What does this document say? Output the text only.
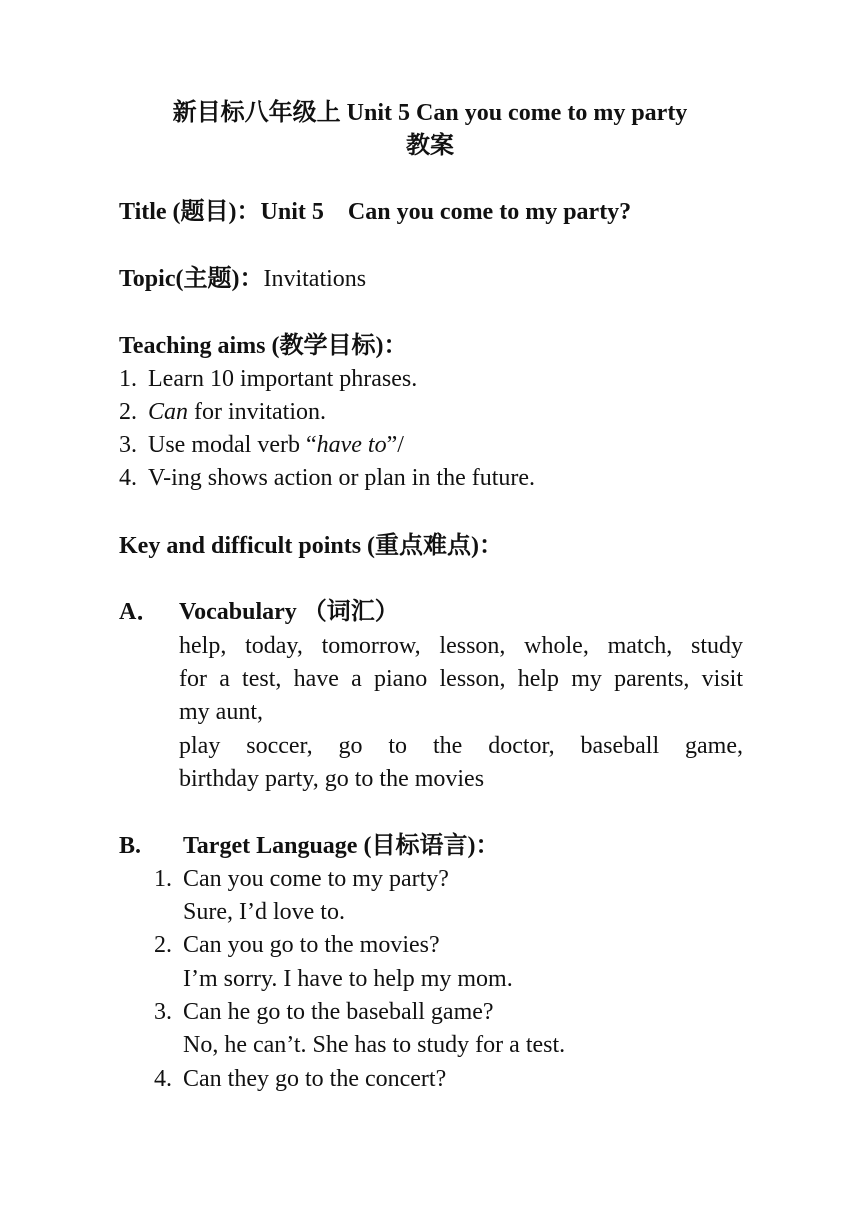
新目标八年级上 Unit 5 Can you come to my party
教案
Title (题目)：Unit 5　Can you come to my party?
Topic(主题)：Invitations
Teaching aims (教学目标)：
1. Learn 10 important phrases.
2. Can for invitation.
3. Use modal verb “have to”/
4. V-ing shows action or plan in the future.
Key and difficult points (重点难点)：
A． Vocabulary （词汇）
help, today, tomorrow, lesson, whole, match, study
for a test, have a piano lesson, help my parents, visit
my aunt,
play soccer, go to the doctor, baseball game,
birthday party, go to the movies
B. Target Language (目标语言)：
1. Can you come to my party?
Sure, I’d love to.
2. Can you go to the movies?
I’m sorry. I have to help my mom.
3. Can he go to the baseball game?
No, he can’t. She has to study for a test.
4. Can they go to the concert?
